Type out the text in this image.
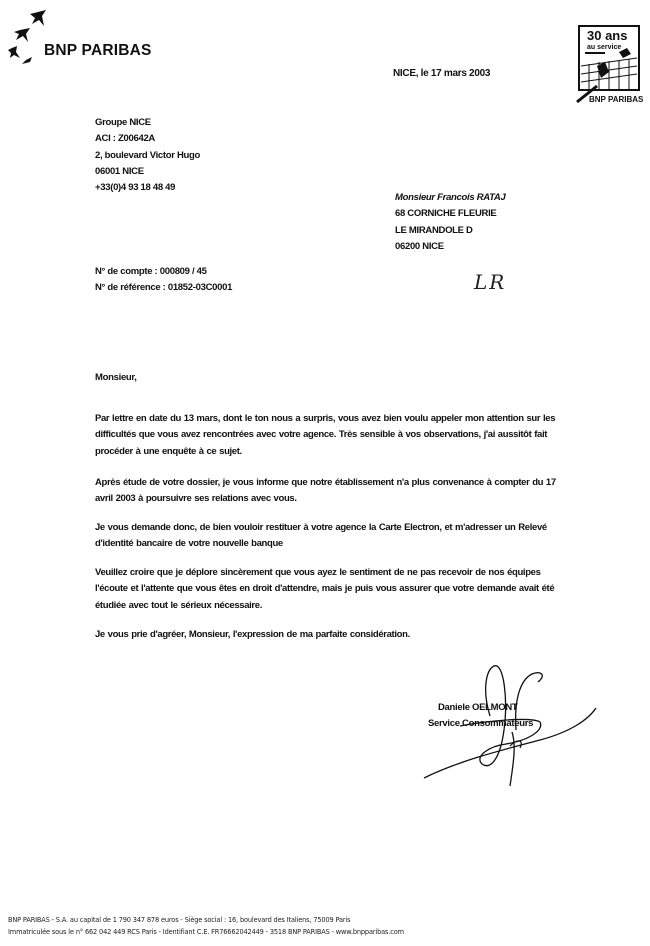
BNP PARIBAS
30 ans
au service
BNP PARIBAS
NICE, le 17 mars 2003
Groupe NICE
ACI : Z00642A
2, boulevard Victor Hugo
06001 NICE
+33(0)4 93 18 48 49
Monsieur Francois RATAJ
68 CORNICHE FLEURIE
LE MIRANDOLE D
06200 NICE
N° de compte : 000809 / 45
N° de référence : 01852-03C0001	LR
Monsieur,
Par lettre en date du 13 mars, dont le ton nous a surpris, vous avez bien voulu appeler mon attention sur les
difficultés que vous avez rencontrées avec votre agence. Très sensible à vos observations, j'ai aussitôt fait
procéder à une enquête à ce sujet.
Après étude de votre dossier, je vous informe que notre établissement n'a plus convenance à compter du 17
avril 2003 à poursuivre ses relations avec vous.
Je vous demande donc, de bien vouloir restituer à votre agence la Carte Electron, et m'adresser un Relevé
d'identité bancaire de votre nouvelle banque
Veuillez croire que je déplore sincèrement que vous ayez le sentiment de ne pas recevoir de nos équipes
l'écoute et l'attente que vous êtes en droit d'attendre, mais je puis vous assurer que votre demande avait été
étudiée avec tout le sérieux nécessaire.
Je vous prie d'agréer, Monsieur, l'expression de ma parfaite considération.
Daniele OELMONT
Service Consommateurs
BNP PARIBAS - S.A. au capital de 1 790 347 878 euros - Siège social : 16, boulevard des Italiens, 75009 Paris
Immatriculée sous le n° 662 042 449 RCS Paris - Identifiant C.E. FR76662042449 - 3518 BNP PARIBAS - www.bnpparibas.com
